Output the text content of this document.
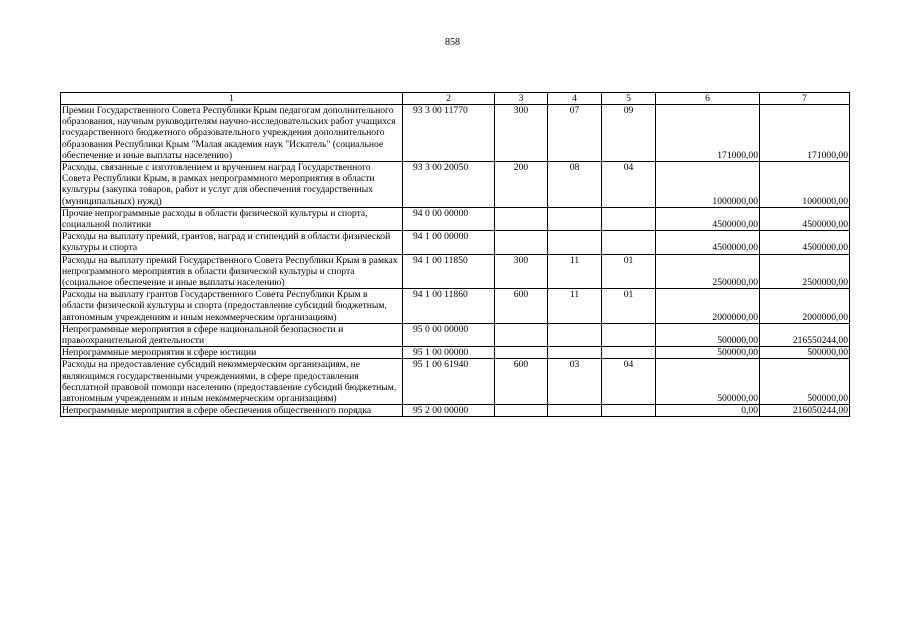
858
1	2	3	4	5	6	7
Премии Государственного Совета Республики Крым педагогам дополнительного образования, научным руководителям научно-исследовательских работ учащихся государственного бюджетного образовательного учреждения дополнительного образования Республики Крым "Малая академия наук "Искатель" (социальное обеспечение и иные выплаты населению)	93 3 00 11770	300	07	09	171000,00	171000,00
Расходы, связанные с изготовлением и вручением наград Государственного Совета Республики Крым, в рамках непрограммного мероприятия в области культуры (закупка товаров, работ и услуг для обеспечения государственных (муниципальных) нужд)	93 3 00 20050	200	08	04	1000000,00	1000000,00
Прочие непрограммные расходы в области физической культуры и спорта, социальной политики	94 0 00 00000				4500000,00	4500000,00
Расходы на выплату премий, грантов, наград и стипендий в области физической культуры и спорта	94 1 00 00000				4500000,00	4500000,00
Расходы на выплату премий Государственного Совета Республики Крым в рамках непрограммного мероприятия в области физической культуры и спорта (социальное обеспечение и иные выплаты населению)	94 1 00 11850	300	11	01	2500000,00	2500000,00
Расходы на выплату грантов Государственного Совета Республики Крым в области физической культуры и спорта (предоставление субсидий бюджетным, автономным учреждениям и иным некоммерческим организациям)	94 1 00 11860	600	11	01	2000000,00	2000000,00
Непрограммные мероприятия в сфере национальной безопасности и правоохранительной деятельности	95 0 00 00000				500000,00	216550244,00
Непрограммные мероприятия в сфере юстиции	95 1 00 00000				500000,00	500000,00
Расходы на предоставление субсидий некоммерческим организациям, не являющимся государственными учреждениями, в сфере предоставления бесплатной правовой помощи населению (предоставление субсидий бюджетным, автономным учреждениям и иным некоммерческим организациям)	95 1 00 61940	600	03	04	500000,00	500000,00
Непрограммные мероприятия в сфере обеспечения общественного порядка	95 2 00 00000				0,00	216050244,00
